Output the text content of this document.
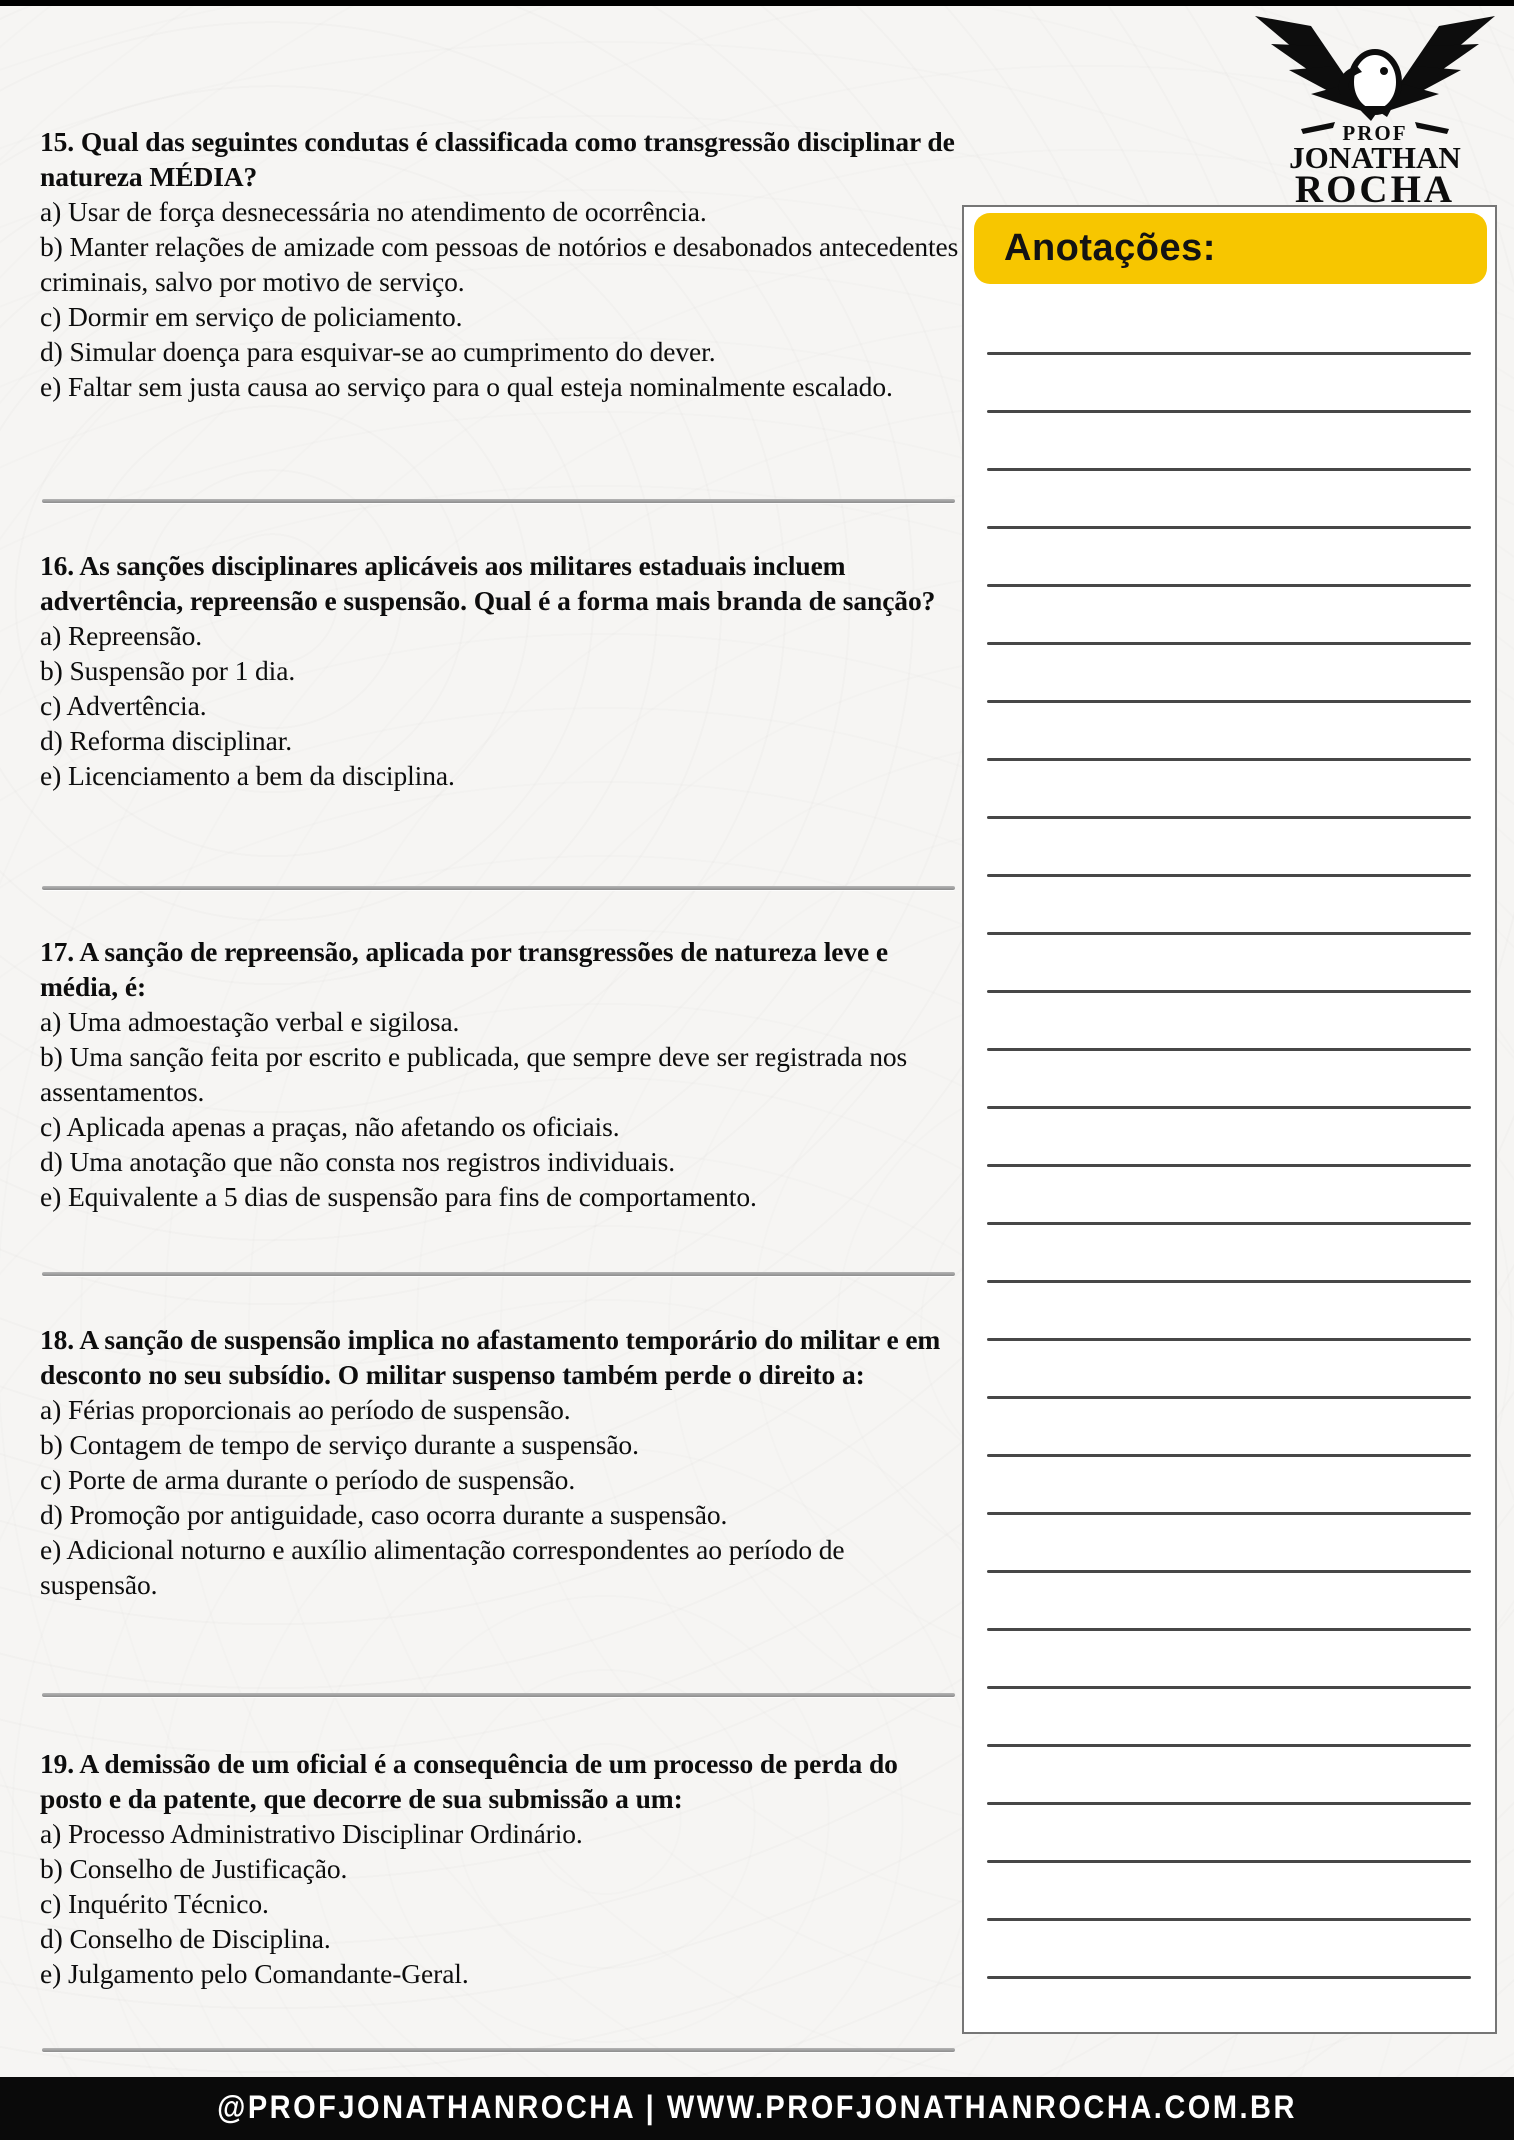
PROF
JONATHAN
ROCHA
15. Qual das seguintes condutas é classificada como transgressão disciplinar de natureza MÉDIA?
a) Usar de força desnecessária no atendimento de ocorrência.
b) Manter relações de amizade com pessoas de notórios e desabonados antecedentes criminais, salvo por motivo de serviço.
c) Dormir em serviço de policiamento.
d) Simular doença para esquivar-se ao cumprimento do dever.
e) Faltar sem justa causa ao serviço para o qual esteja nominalmente escalado.
16. As sanções disciplinares aplicáveis aos militares estaduais incluem advertência, repreensão e suspensão. Qual é a forma mais branda de sanção?
a) Repreensão.
b) Suspensão por 1 dia.
c) Advertência.
d) Reforma disciplinar.
e) Licenciamento a bem da disciplina.
17. A sanção de repreensão, aplicada por transgressões de natureza leve e média, é:
a) Uma admoestação verbal e sigilosa.
b) Uma sanção feita por escrito e publicada, que sempre deve ser registrada nos assentamentos.
c) Aplicada apenas a praças, não afetando os oficiais.
d) Uma anotação que não consta nos registros individuais.
e) Equivalente a 5 dias de suspensão para fins de comportamento.
18. A sanção de suspensão implica no afastamento temporário do militar e em desconto no seu subsídio. O militar suspenso também perde o direito a:
a) Férias proporcionais ao período de suspensão.
b) Contagem de tempo de serviço durante a suspensão.
c) Porte de arma durante o período de suspensão.
d) Promoção por antiguidade, caso ocorra durante a suspensão.
e) Adicional noturno e auxílio alimentação correspondentes ao período de suspensão.
19. A demissão de um oficial é a consequência de um processo de perda do posto e da patente, que decorre de sua submissão a um:
a) Processo Administrativo Disciplinar Ordinário.
b) Conselho de Justificação.
c) Inquérito Técnico.
d) Conselho de Disciplina.
e) Julgamento pelo Comandante-Geral.
Anotações:
@PROFJONATHANROCHA | WWW.PROFJONATHANROCHA.COM.BR
